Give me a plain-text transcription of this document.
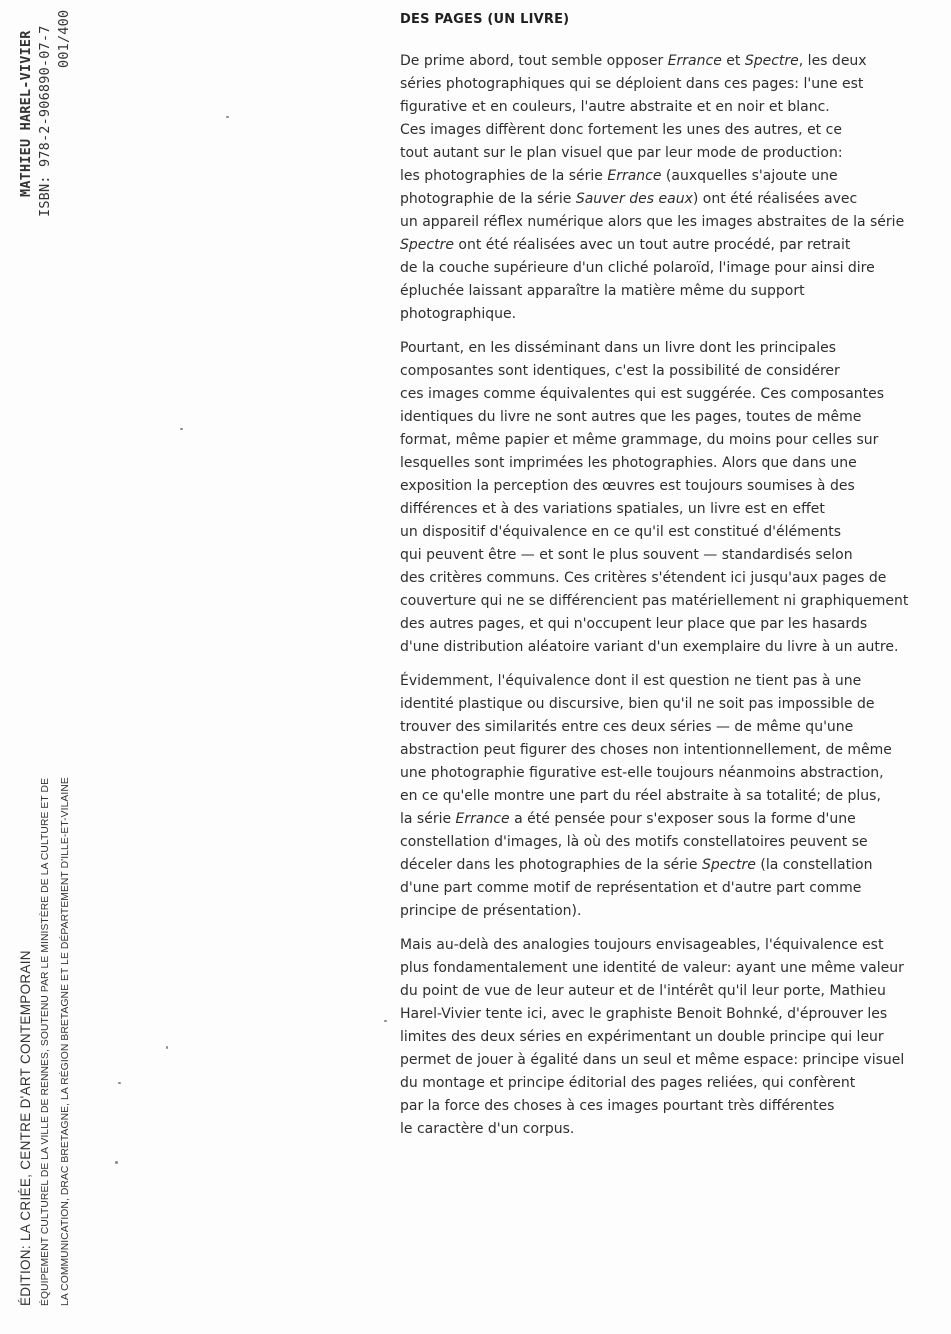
MATHIEU HAREL-VIVIER ISBN: 978-2-906890-07-7 001/400
ÉDITION: LA CRIÉE, CENTRE D'ART CONTEMPORAIN ÉQUIPEMENT CULTUREL DE LA VILLE DE RENNES, SOUTENU PAR LE MINISTÈRE DE LA CULTURE ET DE LA COMMUNICATION, DRAC BRETAGNE, LA RÉGION BRETAGNE ET LE DÉPARTEMENT D'ILLE-ET-VILAINE
DES PAGES (UN LIVRE)

De prime abord, tout semble opposer Errance et Spectre, les deux
séries photographiques qui se déploient dans ces pages: l'une est
figurative et en couleurs, l'autre abstraite et en noir et blanc.
Ces images diffèrent donc fortement les unes des autres, et ce
tout autant sur le plan visuel que par leur mode de production:
les photographies de la série Errance (auxquelles s'ajoute une
photographie de la série Sauver des eaux) ont été réalisées avec
un appareil réflex numérique alors que les images abstraites de la série
Spectre ont été réalisées avec un tout autre procédé, par retrait
de la couche supérieure d'un cliché polaroïd, l'image pour ainsi dire
épluchée laissant apparaître la matière même du support
photographique.

Pourtant, en les disséminant dans un livre dont les principales
composantes sont identiques, c'est la possibilité de considérer
ces images comme équivalentes qui est suggérée. Ces composantes
identiques du livre ne sont autres que les pages, toutes de même
format, même papier et même grammage, du moins pour celles sur
lesquelles sont imprimées les photographies. Alors que dans une
exposition la perception des œuvres est toujours soumises à des
différences et à des variations spatiales, un livre est en effet
un dispositif d'équivalence en ce qu'il est constitué d'éléments
qui peuvent être — et sont le plus souvent — standardisés selon
des critères communs. Ces critères s'étendent ici jusqu'aux pages de
couverture qui ne se différencient pas matériellement ni graphiquement
des autres pages, et qui n'occupent leur place que par les hasards
d'une distribution aléatoire variant d'un exemplaire du livre à un autre.

Évidemment, l'équivalence dont il est question ne tient pas à une
identité plastique ou discursive, bien qu'il ne soit pas impossible de
trouver des similarités entre ces deux séries — de même qu'une
abstraction peut figurer des choses non intentionnellement, de même
une photographie figurative est-elle toujours néanmoins abstraction,
en ce qu'elle montre une part du réel abstraite à sa totalité; de plus,
la série Errance a été pensée pour s'exposer sous la forme d'une
constellation d'images, là où des motifs constellatoires peuvent se
déceler dans les photographies de la série Spectre (la constellation
d'une part comme motif de représentation et d'autre part comme
principe de présentation).

Mais au-delà des analogies toujours envisageables, l'équivalence est
plus fondamentalement une identité de valeur: ayant une même valeur
du point de vue de leur auteur et de l'intérêt qu'il leur porte, Mathieu
Harel-Vivier tente ici, avec le graphiste Benoit Bohnké, d'éprouver les
limites des deux séries en expérimentant un double principe qui leur
permet de jouer à égalité dans un seul et même espace: principe visuel
du montage et principe éditorial des pages reliées, qui confèrent
par la force des choses à ces images pourtant très différentes
le caractère d'un corpus.
